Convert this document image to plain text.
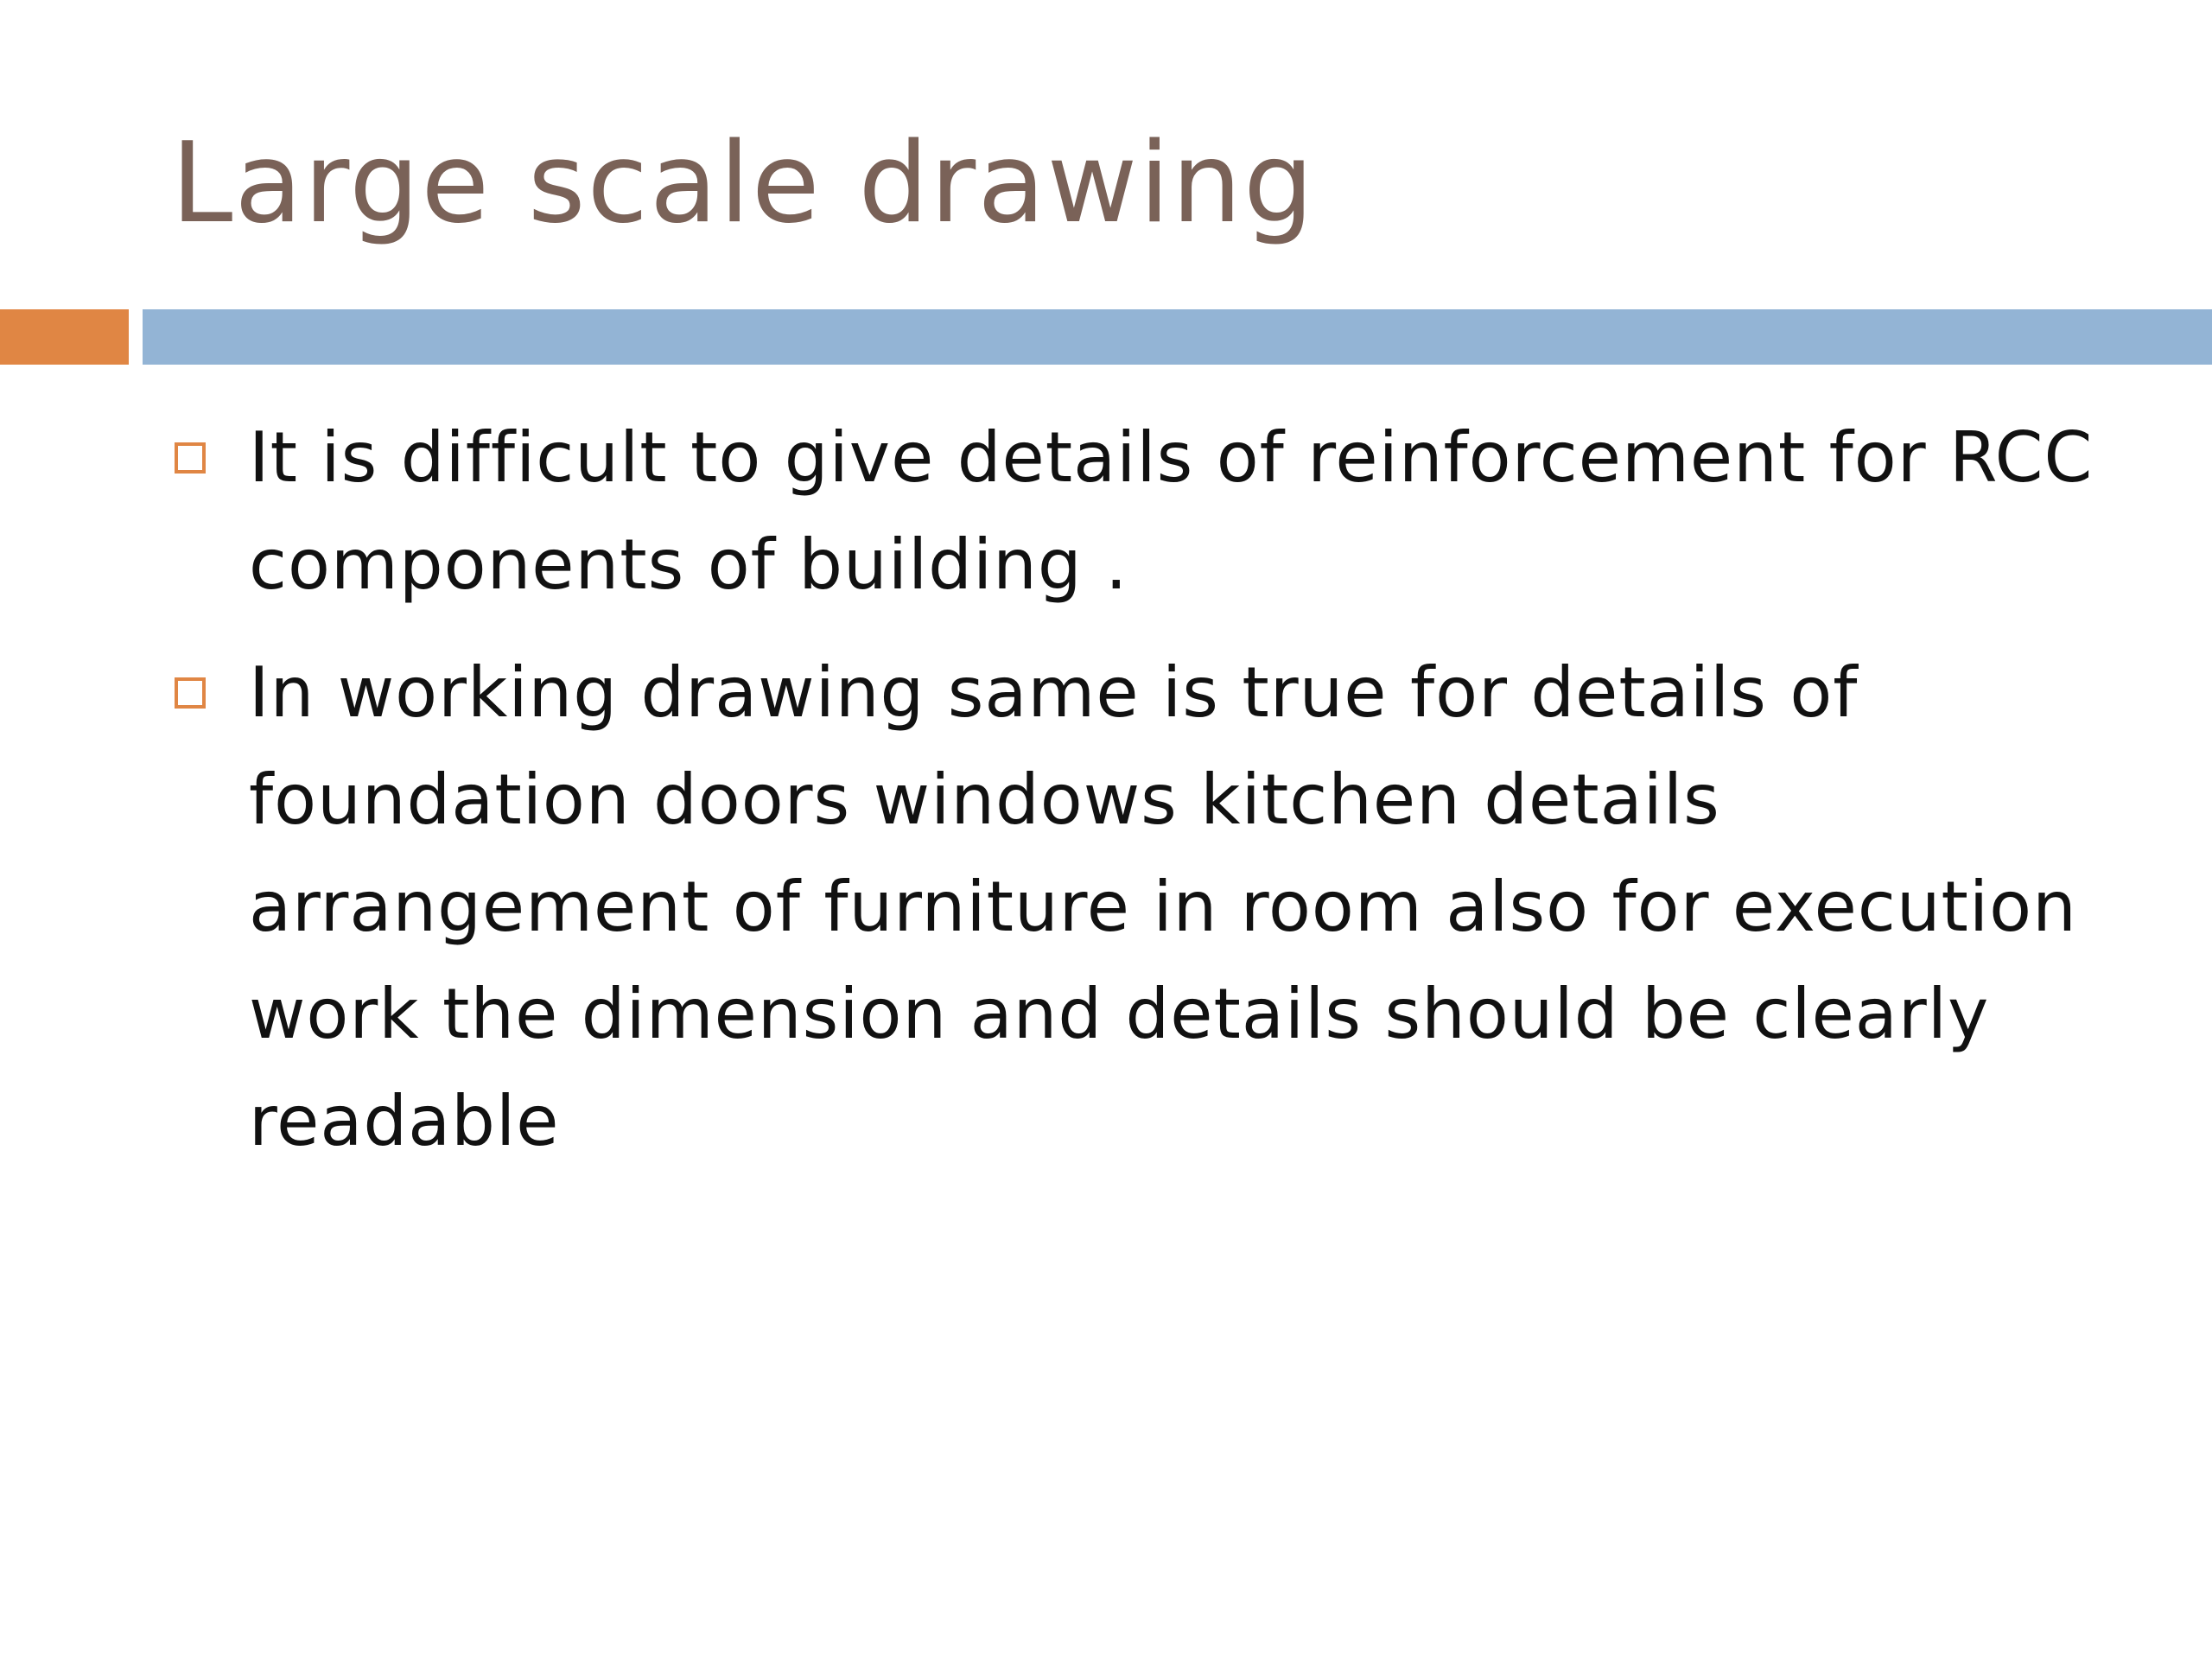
Large scale drawing
It is difficult to give details of reinforcement for RCC components of building .
In working drawing same is true for details of foundation doors windows kitchen details arrangement of furniture in room also for execution work the dimension and details should be clearly readable
